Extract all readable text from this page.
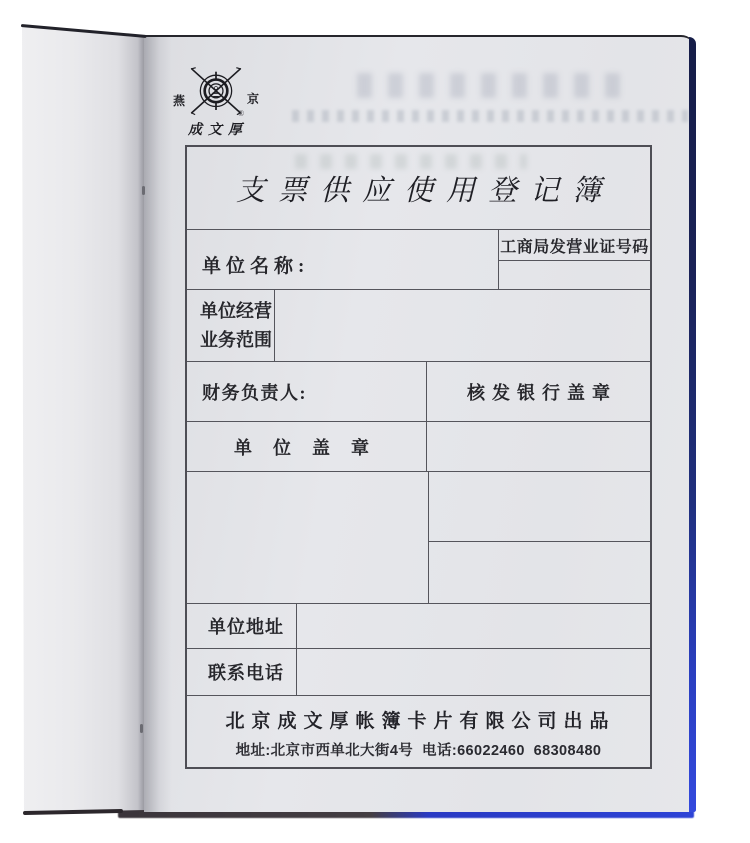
燕	京
®
成文厚
支票供应使用登记簿
单位名称:
工商局发营业证号码
单位经营
业务范围
财务负责人:	核发银行盖章
单位盖章
单位地址
联系电话
北京成文厚帐簿卡片有限公司出品
地址:北京市西单北大街4号  电话:66022460  68308480
